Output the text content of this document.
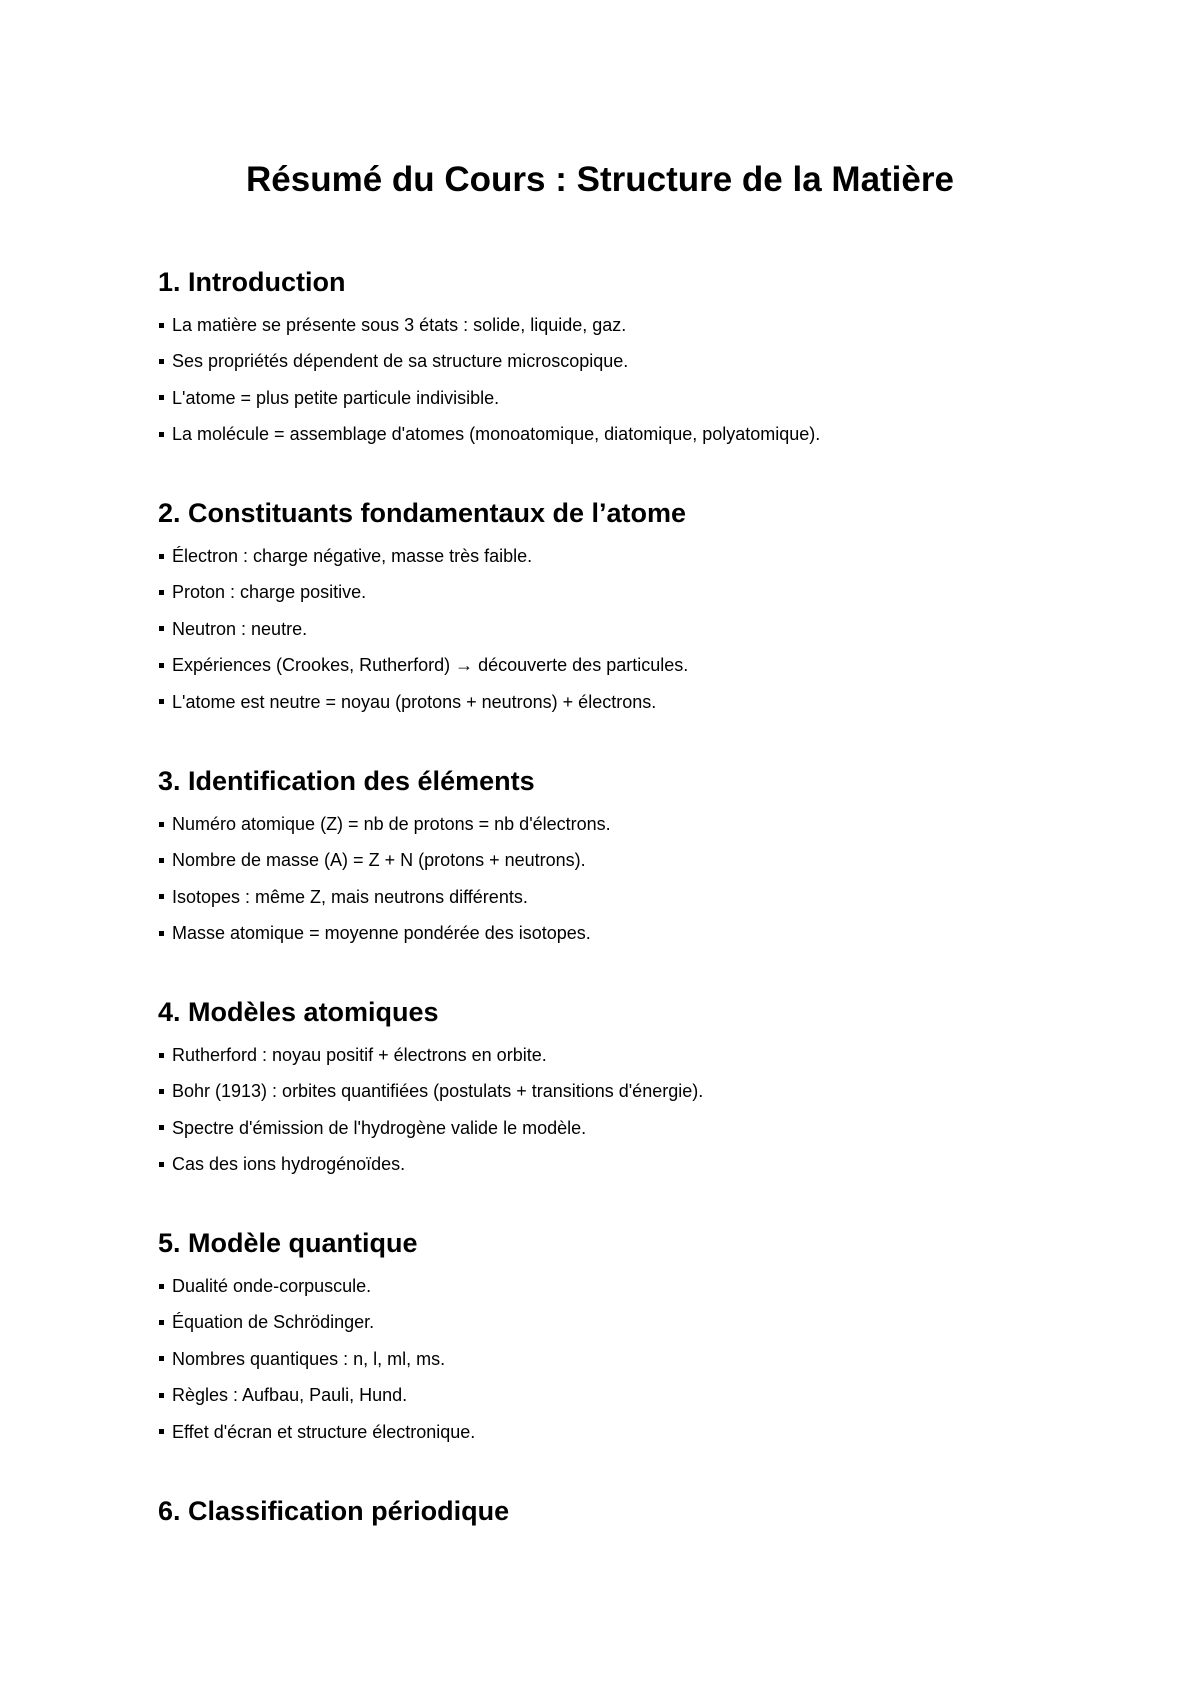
Résumé du Cours : Structure de la Matière
1. Introduction
La matière se présente sous 3 états : solide, liquide, gaz.
Ses propriétés dépendent de sa structure microscopique.
L'atome = plus petite particule indivisible.
La molécule = assemblage d'atomes (monoatomique, diatomique, polyatomique).
2. Constituants fondamentaux de l’atome
Électron : charge négative, masse très faible.
Proton : charge positive.
Neutron : neutre.
Expériences (Crookes, Rutherford) → découverte des particules.
L'atome est neutre = noyau (protons + neutrons) + électrons.
3. Identification des éléments
Numéro atomique (Z) = nb de protons = nb d'électrons.
Nombre de masse (A) = Z + N (protons + neutrons).
Isotopes : même Z, mais neutrons différents.
Masse atomique = moyenne pondérée des isotopes.
4. Modèles atomiques
Rutherford : noyau positif + électrons en orbite.
Bohr (1913) : orbites quantifiées (postulats + transitions d'énergie).
Spectre d'émission de l'hydrogène valide le modèle.
Cas des ions hydrogénoïdes.
5. Modèle quantique
Dualité onde-corpuscule.
Équation de Schrödinger.
Nombres quantiques : n, l, ml, ms.
Règles : Aufbau, Pauli, Hund.
Effet d'écran et structure électronique.
6. Classification périodique
